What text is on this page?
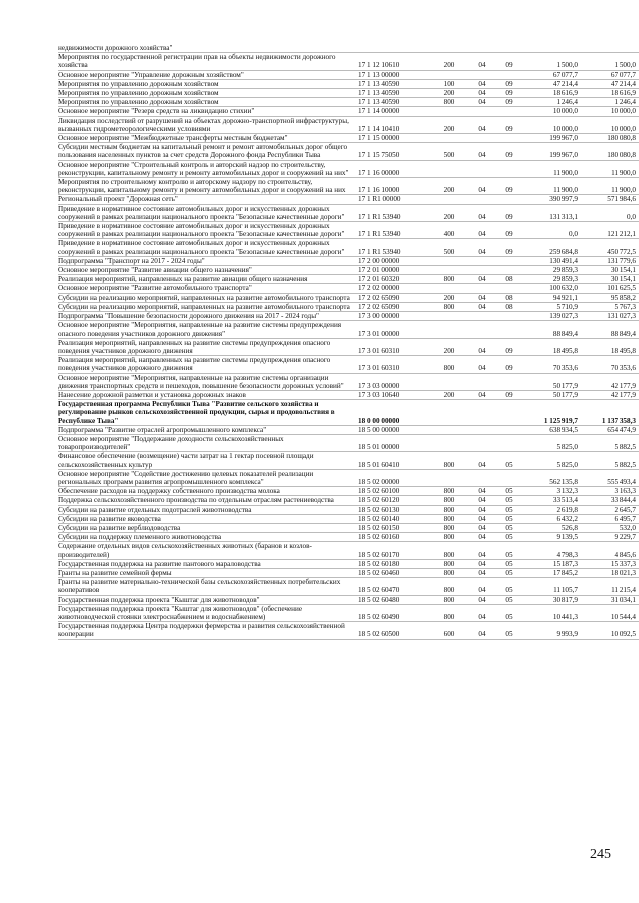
недвижимости дорожного хозяйства"
Мероприятия по государственной регистрации прав на объекты недвижимости дорожного хозяйства	17 1 12 10610	200	04	09	1 500,0	1 500,0
Основное мероприятие "Управление дорожным хозяйством"	17 1 13 00000	67 077,7	67 077,7
Мероприятия по управлению дорожным хозяйством	17 1 13 40590	100	04	09	47 214,4	47 214,4
Мероприятия по управлению дорожным хозяйством	17 1 13 40590	200	04	09	18 616,9	18 616,9
Мероприятия по управлению дорожным хозяйством	17 1 13 40590	800	04	09	1 246,4	1 246,4
Основное мероприятие "Резерв средств на ликвидацию стихии"	17 1 14 00000	10 000,0	10 000,0
Ликвидация последствий от разрушений на объектах дорожно-транспортной инфраструктуры, вызванных гидрометеорологическими условиями	17 1 14 10410	200	04	09	10 000,0	10 000,0
Основное мероприятие "Межбюджетные трансферты местным бюджетам"	17 1 15 00000	199 967,0	180 080,8
Субсидии местным бюджетам на капитальный ремонт и ремонт автомобильных дорог общего пользования населенных пунктов за счет средств Дорожного фонда Республики Тыва	17 1 15 75050	500	04	09	199 967,0	180 080,8
Основное мероприятие "Строительный контроль и авторский надзор по строительству, реконструкции, капитальному ремонту и ремонту автомобильных дорог и сооружений на них"	17 1 16 00000	11 900,0	11 900,0
Мероприятия по строительному контролю и авторскому надзору по строительству, реконструкции, капитальному ремонту и ремонту автомобильных дорог и сооружений на них	17 1 16 10000	200	04	09	11 900,0	11 900,0
Региональный проект "Дорожная сеть"	17 1 R1 00000	390 997,9	571 984,6
Приведение в нормативное состояние автомобильных дорог и искусственных дорожных сооружений в рамках реализации национального проекта "Безопасные качественные дороги"	17 1 R1 53940	200	04	09	131 313,1	0,0
Приведение в нормативное состояние автомобильных дорог и искусственных дорожных сооружений в рамках реализации национального проекта "Безопасные качественные дороги"	17 1 R1 53940	400	04	09	0,0	121 212,1
Приведение в нормативное состояние автомобильных дорог и искусственных дорожных сооружений в рамках реализации национального проекта "Безопасные качественные дороги"	17 1 R1 53940	500	04	09	259 684,8	450 772,5
Подпрограмма "Транспорт на 2017 - 2024 годы"	17 2 00 00000	130 491,4	131 779,6
Основное мероприятие "Развитие авиации общего назначения"	17 2 01 00000	29 859,3	30 154,1
Реализация мероприятий, направленных на развитие авиации общего назначения	17 2 01 60320	800	04	08	29 859,3	30 154,1
Основное мероприятие "Развитие автомобильного транспорта"	17 2 02 00000	100 632,0	101 625,5
Субсидии на реализацию мероприятий, направленных на развитие автомобильного транспорта	17 2 02 65090	200	04	08	94 921,1	95 858,2
Субсидии на реализацию мероприятий, направленных на развитие автомобильного транспорта	17 2 02 65090	800	04	08	5 710,9	5 767,3
Подпрограмма "Повышение безопасности дорожного движения на 2017 - 2024 годы"	17 3 00 00000	139 027,3	131 027,3
Основное мероприятие "Мероприятия, направленные на развитие системы предупреждения опасного поведения участников дорожного движения"	17 3 01 00000	88 849,4	88 849,4
Реализация мероприятий, направленных на развитие системы предупреждения опасного поведения участников дорожного движения	17 3 01 60310	200	04	09	18 495,8	18 495,8
Реализация мероприятий, направленных на развитие системы предупреждения опасного поведения участников дорожного движения	17 3 01 60310	800	04	09	70 353,6	70 353,6
Основное мероприятие "Мероприятия, направленные на развитие системы организации движения транспортных средств и пешеходов, повышение безопасности дорожных условий"	17 3 03 00000	50 177,9	42 177,9
Нанесение дорожной разметки и установка дорожных знаков	17 3 03 10640	200	04	09	50 177,9	42 177,9
Государственная программа Республики Тыва "Развитие сельского хозяйства и регулирование рынков сельскохозяйственной продукции, сырья и продовольствия в Республике Тыва"	18 0 00 00000	1 125 919,7	1 137 358,3
Подпрограмма "Развитие отраслей агропромышленного комплекса"	18 5 00 00000	638 934,5	654 474,9
Основное мероприятие "Поддержание доходности сельскохозяйственных товаропроизводителей"	18 5 01 00000	5 825,0	5 882,5
Финансовое обеспечение (возмещение) части затрат на 1 гектар посевной площади сельскохозяйственных культур	18 5 01 60410	800	04	05	5 825,0	5 882,5
Основное мероприятие "Содействие достижению целевых показателей реализации региональных программ развития агропромышленного комплекса"	18 5 02 00000	562 135,8	555 493,4
Обеспечение расходов на поддержку собственного производства молока	18 5 02 60100	800	04	05	3 132,3	3 163,3
Поддержка сельскохозяйственного производства по отдельным отраслям растениеводства	18 5 02 60120	800	04	05	33 513,4	33 844,4
Субсидии на развитие отдельных подотраслей животноводства	18 5 02 60130	800	04	05	2 619,8	2 645,7
Субсидии на развитие яководства	18 5 02 60140	800	04	05	6 432,2	6 495,7
Субсидии на развитие верблюдоводства	18 5 02 60150	800	04	05	526,8	532,0
Субсидии на поддержку племенного животноводства	18 5 02 60160	800	04	05	9 139,5	9 229,7
Содержание отдельных видов сельскохозяйственных животных (баранов и козлов-производителей)	18 5 02 60170	800	04	05	4 798,3	4 845,6
Государственная поддержка на развитие пантового мараловодства	18 5 02 60180	800	04	05	15 187,3	15 337,3
Гранты на развитие семейной фермы	18 5 02 60460	800	04	05	17 845,2	18 021,3
Гранты на развитие материально-технической базы сельскохозяйственных потребительских кооперативов	18 5 02 60470	800	04	05	11 105,7	11 215,4
Государственная поддержка проекта "Кыштаг для животноводов"	18 5 02 60480	800	04	05	30 817,9	31 034,1
Государственная поддержка проекта "Кыштаг для животноводов" (обеспечение животноводческой стоянки электроснабжением и водоснабжением)	18 5 02 60490	800	04	05	10 441,3	10 544,4
Государственная поддержка Центра поддержки фермерства и развития сельскохозяйственной кооперации	18 5 02 60500	600	04	05	9 993,9	10 092,5
245
